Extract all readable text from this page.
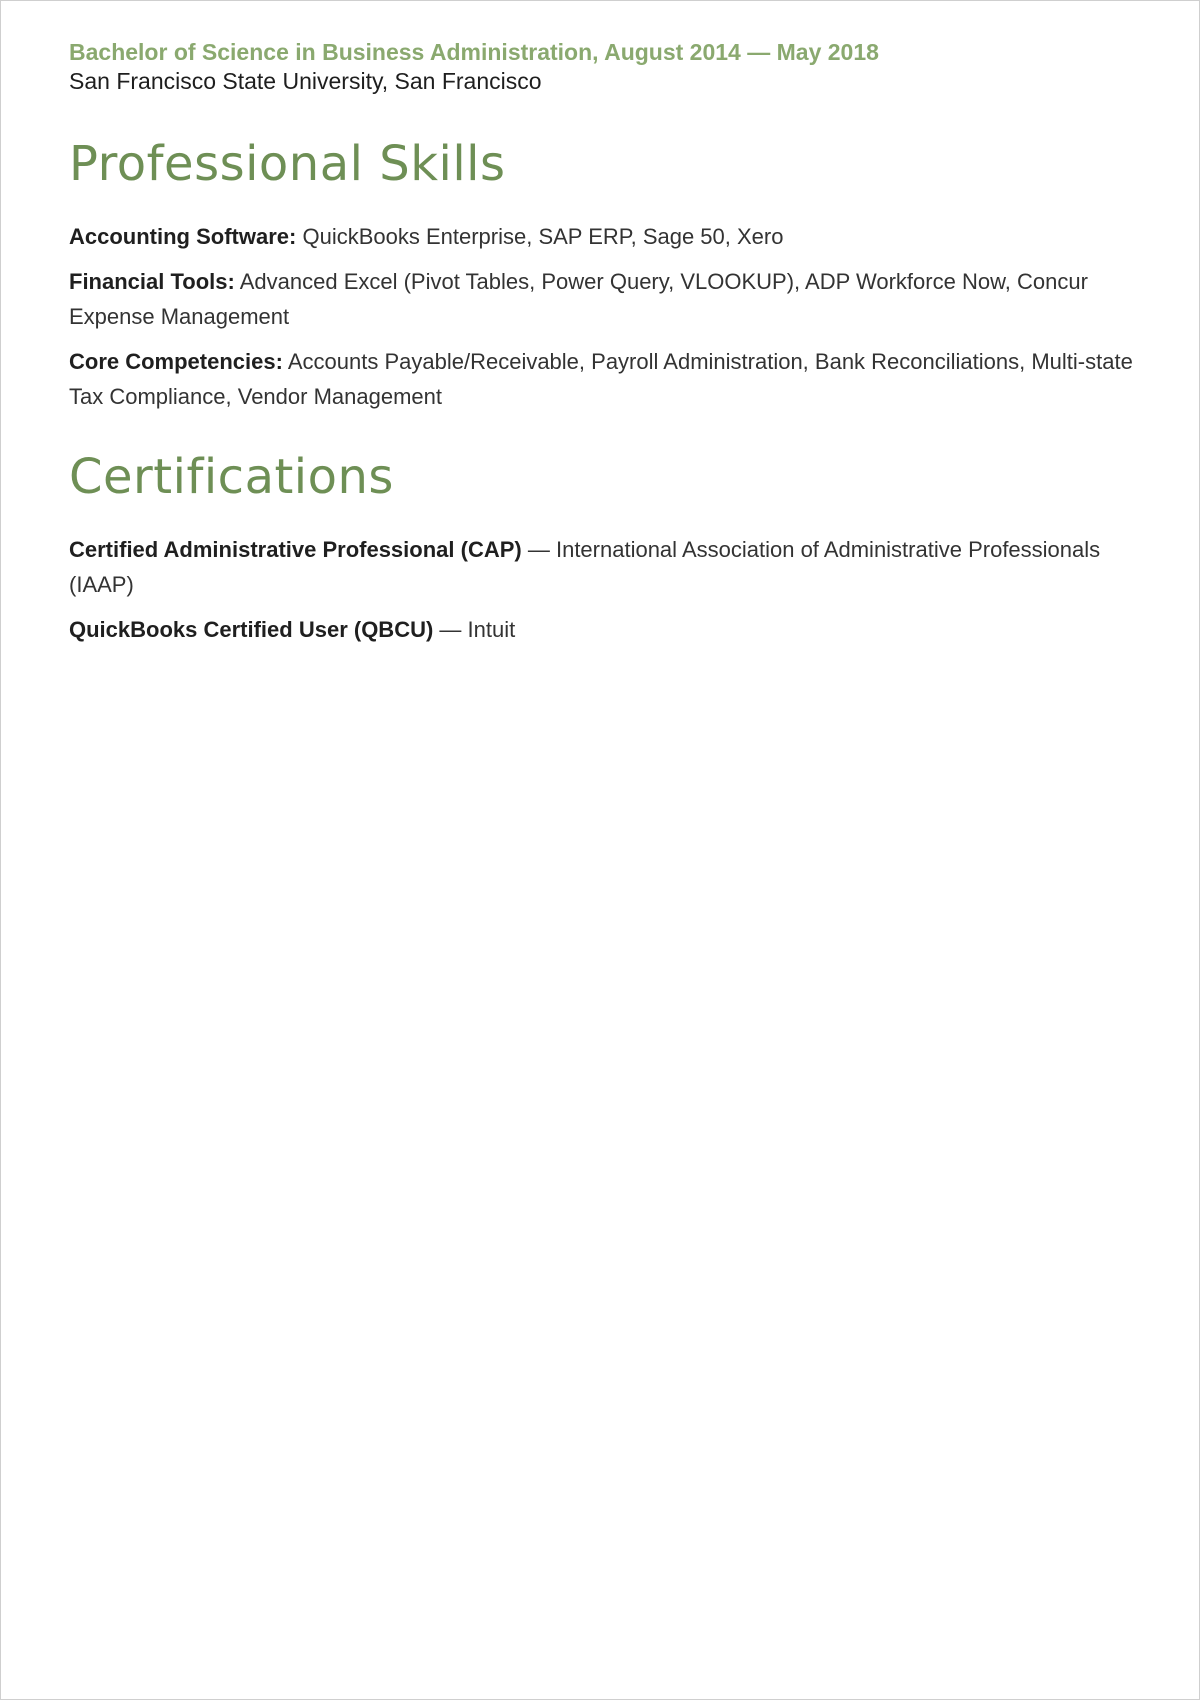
Bachelor of Science in Business Administration, August 2014 — May 2018

San Francisco State University, San Francisco

Professional Skills

Accounting Software: QuickBooks Enterprise, SAP ERP, Sage 50, Xero

Financial Tools: Advanced Excel (Pivot Tables, Power Query, VLOOKUP), ADP Workforce Now, Concur Expense Management

Core Competencies: Accounts Payable/Receivable, Payroll Administration, Bank Reconciliations, Multi-state Tax Compliance, Vendor Management

Certifications

Certified Administrative Professional (CAP) — International Association of Administrative Professionals (IAAP)

QuickBooks Certified User (QBCU) — Intuit
